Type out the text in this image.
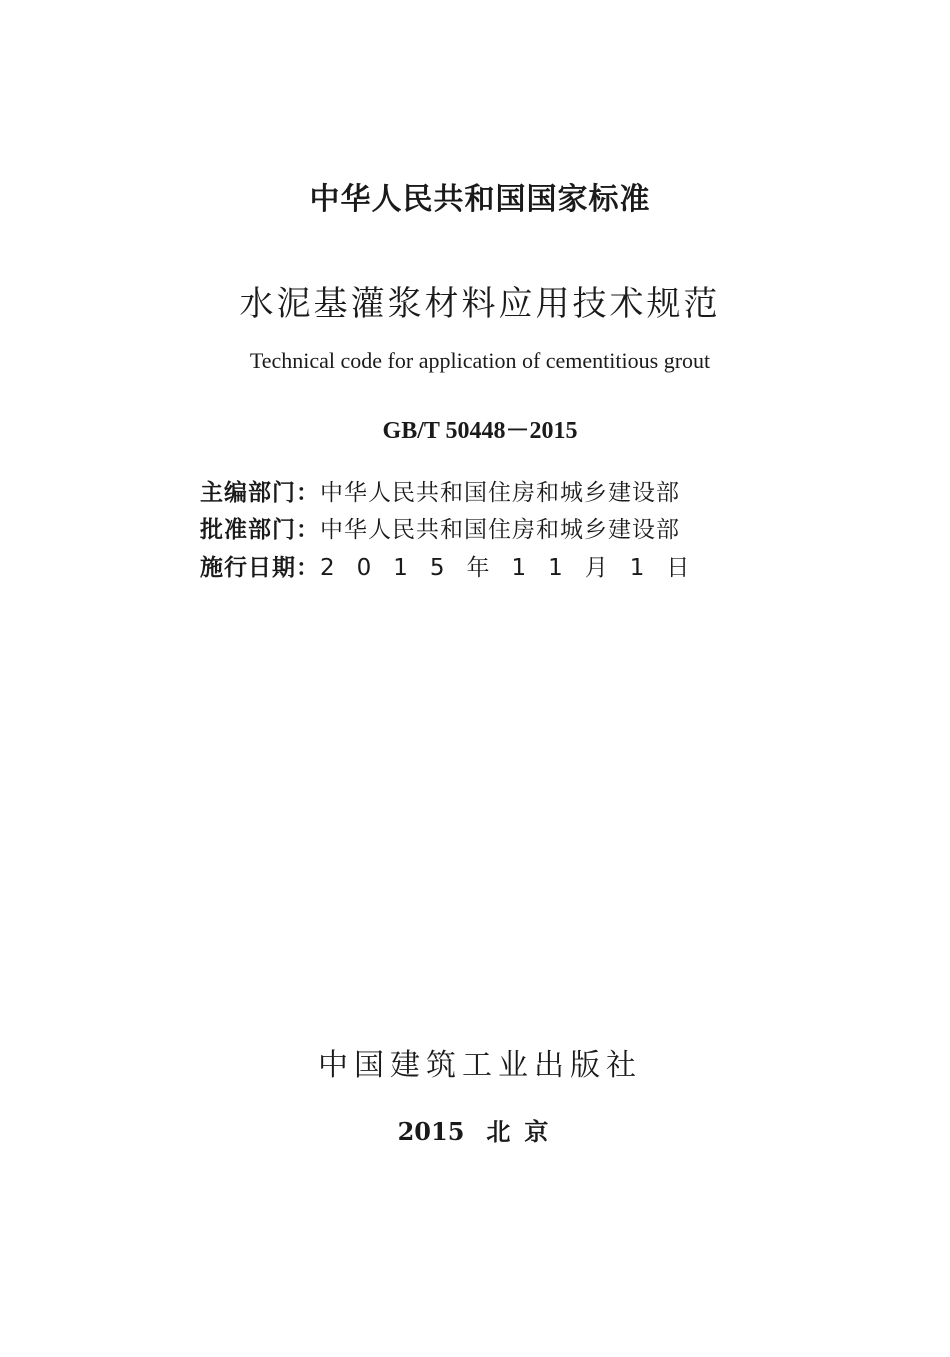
中华人民共和国国家标准
水泥基灌浆材料应用技术规范
Technical code for application of cementitious grout
GB/T 50448－2015
主编部门：中华人民共和国住房和城乡建设部
批准部门：中华人民共和国住房和城乡建设部
施行日期：2015年11月1日
中国建筑工业出版社
2015 北京
